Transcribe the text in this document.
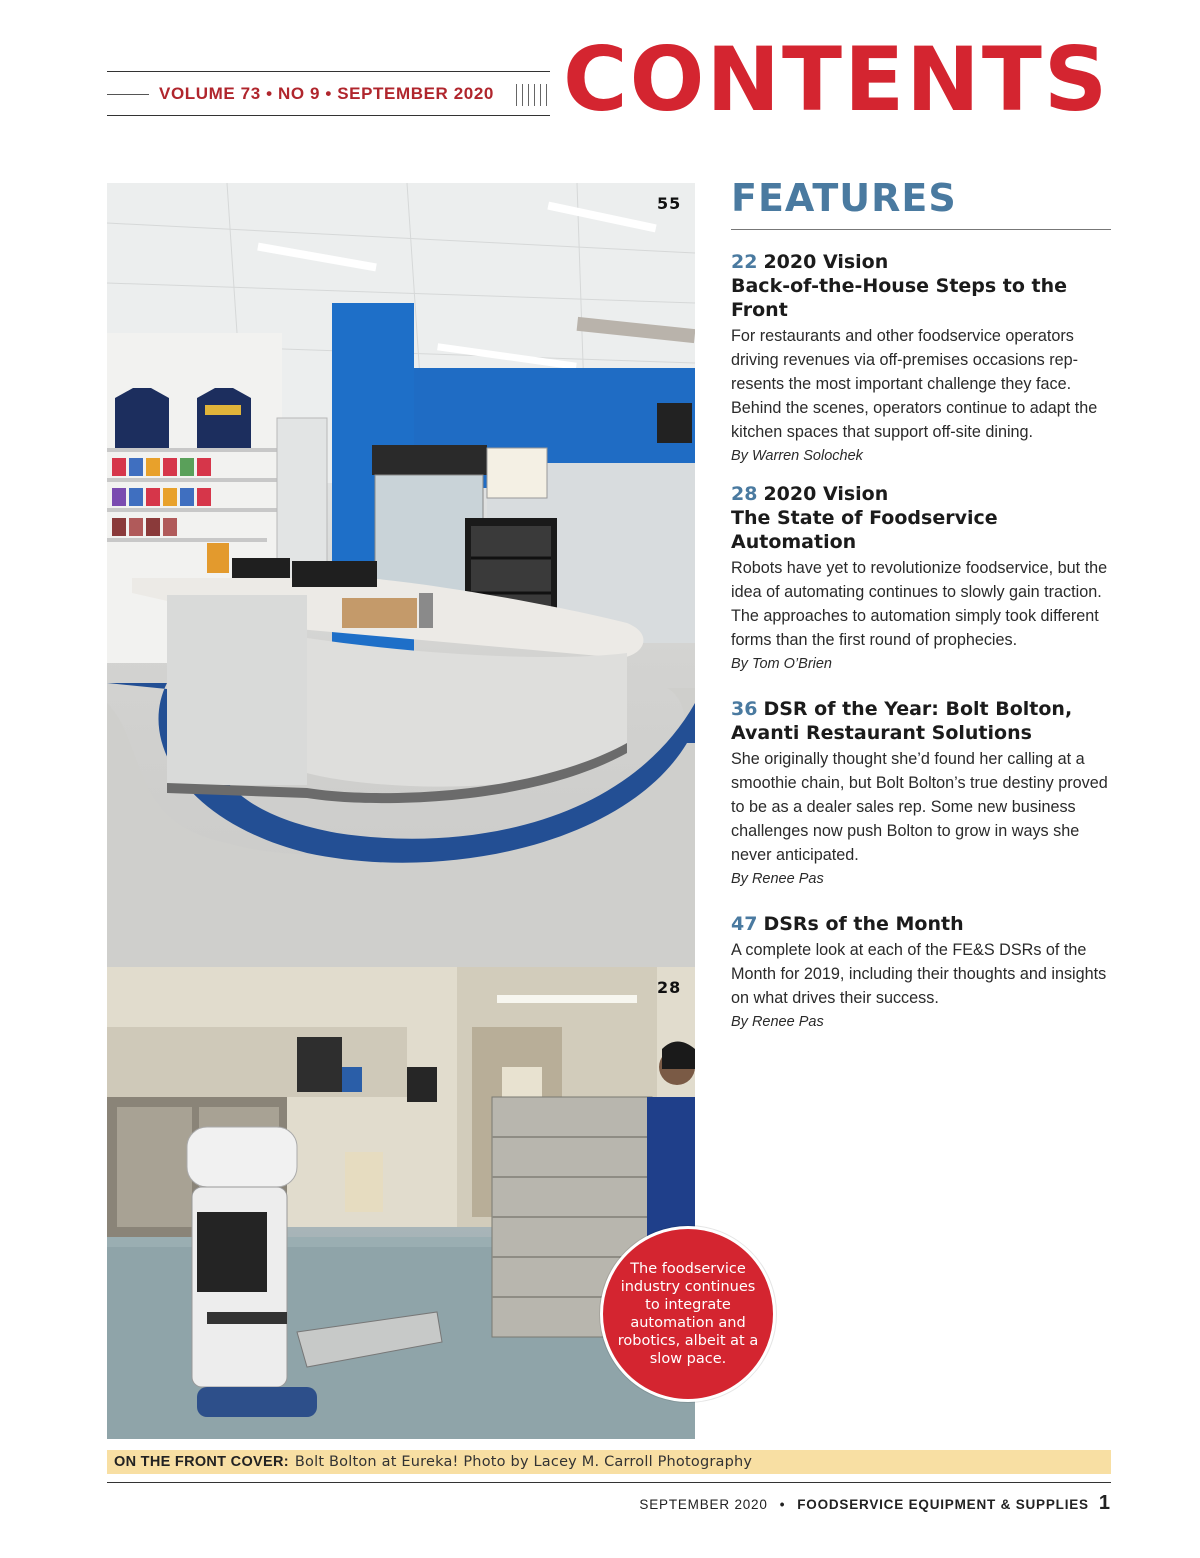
VOLUME 73 • NO 9 • SEPTEMBER 2020 CONTENTS
55
28
The foodservice industry continues to integrate automation and robotics, albeit at a slow pace.
FEATURES
22 2020 Vision
Back-of-the-House Steps to the Front
For restaurants and other foodservice operators driving revenues via off-premises occasions rep-resents the most important challenge they face. Behind the scenes, operators continue to adapt the kitchen spaces that support off-site dining.
By Warren Solochek
28 2020 Vision
The State of Foodservice Automation
Robots have yet to revolutionize foodservice, but the idea of automating continues to slowly gain traction. The approaches to automation simply took different forms than the first round of prophecies.
By Tom O’Brien
36 DSR of the Year: Bolt Bolton,
Avanti Restaurant Solutions
She originally thought she’d found her calling at a smoothie chain, but Bolt Bolton’s true destiny proved to be as a dealer sales rep. Some new business challenges now push Bolton to grow in ways she never anticipated.
By Renee Pas
47 DSRs of the Month
A complete look at each of the FE&S DSRs of the Month for 2019, including their thoughts and insights on what drives their success.
By Renee Pas
ON THE FRONT COVER: Bolt Bolton at Eureka! Photo by Lacey M. Carroll Photography
SEPTEMBER 2020 • FOODSERVICE EQUIPMENT & SUPPLIES 1
